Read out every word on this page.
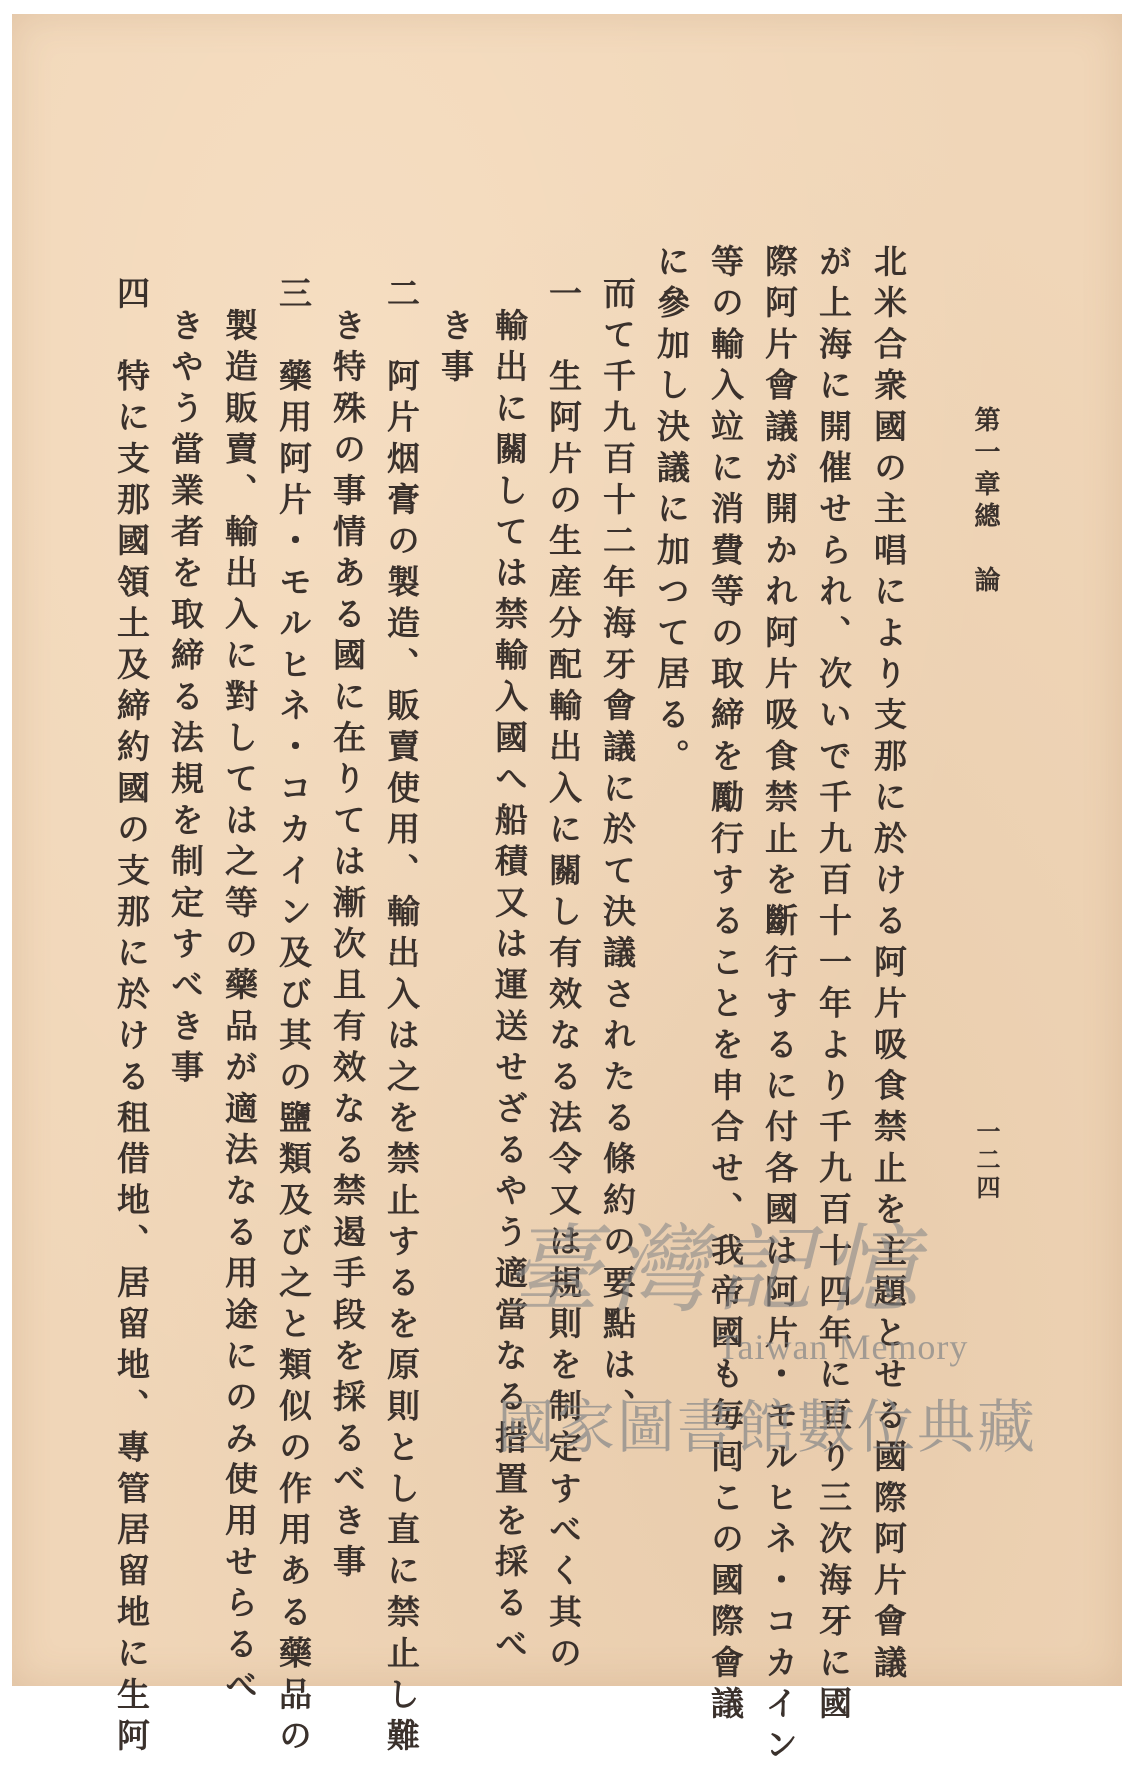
第一章總　論
一二四
北米合衆國の主唱により支那に於ける阿片吸食禁止を主題とせる國際阿片會議
が上海に開催せられ、次いで千九百十一年より千九百十四年に亘り三次海牙に國
際阿片會議が開かれ阿片吸食禁止を斷行するに付各國は阿片・モルヒネ・コカイン
等の輸入竝に消費等の取締を勵行することを申合せ、我帝國も毎囘この國際會議
に參加し決議に加つて居る。
而て千九百十二年海牙會議に於て決議されたる條約の要點は、
一　生阿片の生産分配輸出入に關し有效なる法令又は規則を制定すべく其の
輸出に關しては禁輸入國へ船積又は運送せざるやう適當なる措置を採るべ
き事
二　阿片烟膏の製造、販賣使用、輸出入は之を禁止するを原則とし直に禁止し難
き特殊の事情ある國に在りては漸次且有效なる禁遏手段を採るべき事
三　藥用阿片・モルヒネ・コカイン及び其の鹽類及び之と類似の作用ある藥品の
製造販賣、輸出入に對しては之等の藥品が適法なる用途にのみ使用せらるべ
きやう當業者を取締る法規を制定すべき事
四　特に支那國領土及締約國の支那に於ける租借地、居留地、專管居留地に生阿	臺灣記憶
Taiwan Memory
國家圖書館數位典藏
